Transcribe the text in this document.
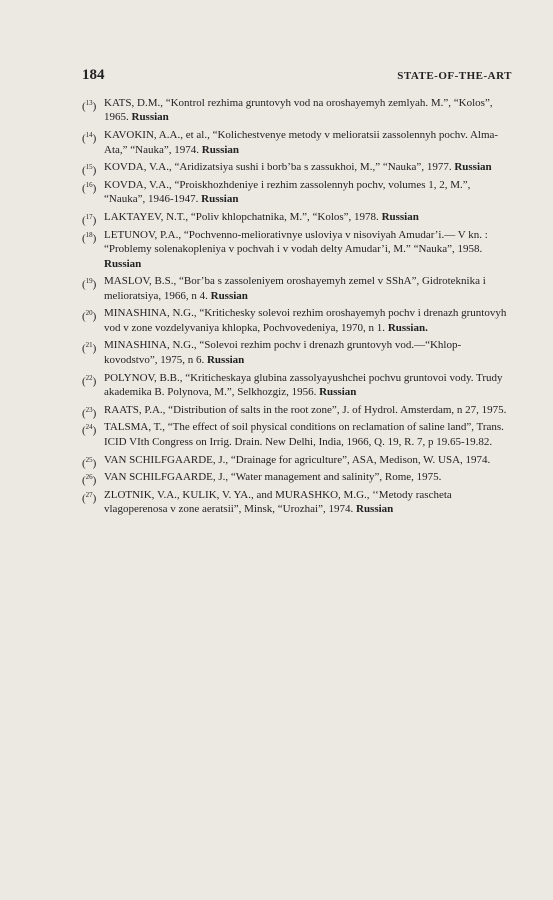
184	STATE-OF-THE-ART
($^{13}$) KATS, D.M., “Kontrol rezhima gruntovyh vod na oroshayemyh zemlyah. M.”, “Kolos”, 1965. Russian
($^{14}$) KAVOKIN, A.A., et al., “Kolichestvenye metody v melioratsii zassolennyh pochv. Alma-Ata,” “Nauka”, 1974. Russian
($^{15}$) KOVDA, V.A., “Aridizatsiya sushi i borb’ba s zassukhoi, M.,” “Nauka”, 1977. Russian
($^{16}$) KOVDA, V.A., “Proiskhozhdeniye i rezhim zassolennyh pochv, volumes 1, 2, M.”, “Nauka”, 1946-1947. Russian
($^{17}$) LAKTAYEV, N.T., “Poliv khlopchatnika, M.”, “Kolos”, 1978. Russian
($^{18}$) LETUNOV, P.A., “Pochvenno-meliorativnye usloviya v nisoviyah Amudar’i.— V kn. : “Problemy solenakopleniya v pochvah i v vodah delty Amudar’i, M.” “Nauka”, 1958. Russian
($^{19}$) MASLOV, B.S., “Bor’ba s zassoleniyem oroshayemyh zemel v SShA”, Gidroteknika i melioratsiya, 1966, n 4. Russian
($^{20}$) MINASHINA, N.G., “Kritichesky solevoi rezhim oroshayemyh pochv i drenazh gruntovyh vod v zone vozdelyvaniya khlopka, Pochvovedeniya, 1970, n 1. Russian.
($^{21}$) MINASHINA, N.G., “Solevoi rezhim pochv i drenazh gruntovyh vod.—“Khlop-kovodstvo”, 1975, n 6. Russian
($^{22}$) POLYNOV, B.B., “Kriticheskaya glubina zassolyayushchei pochvu gruntovoi vody. Trudy akademika B. Polynova, M.”, Selkhozgiz, 1956. Russian
($^{23}$) RAATS, P.A., “Distribution of salts in the root zone”, J. of Hydrol. Amsterdam, n 27, 1975.
($^{24}$) TALSMA, T., “The effect of soil physical conditions on reclamation of saline land”, Trans. ICID VIth Congress on Irrig. Drain. New Delhi, India, 1966, Q. 19, R. 7, p 19.65-19.82.
($^{25}$) VAN SCHILFGAARDE, J., “Drainage for agriculture”, ASA, Medison, W. USA, 1974.
($^{26}$) VAN SCHILFGAARDE, J., “Water management and salinity”, Rome, 1975.
($^{27}$) ZLOTNIK, V.A., KULIK, V. YA., and MURASHKO, M.G., ‘‘Metody rascheta vlagoperenosa v zone aeratsii”, Minsk, “Urozhai”, 1974. Russian
